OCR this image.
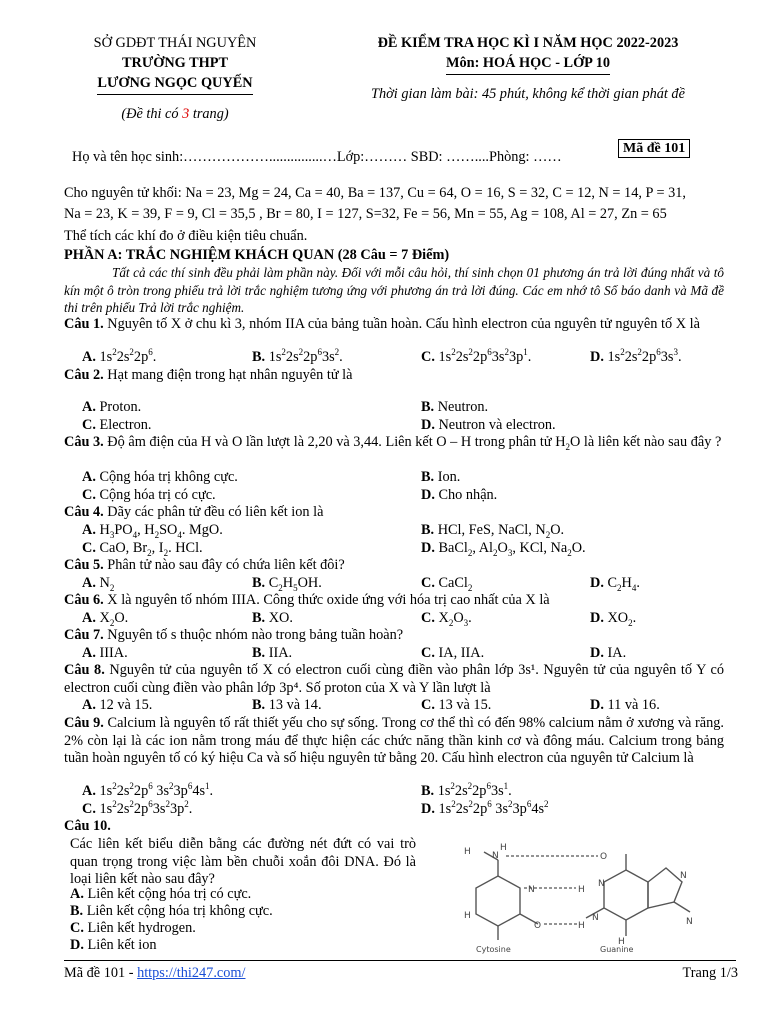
SỞ GDĐT THÁI NGUYÊN
TRƯỜNG THPT
LƯƠNG NGỌC QUYẾN
(Đề thi có 3 trang)
ĐỀ KIỂM TRA HỌC KÌ I NĂM HỌC 2022-2023
Môn: HOÁ HỌC - LỚP 10
Thời gian làm bài: 45 phút, không kể thời gian phát đề
Mã đề 101
Họ và tên học sinh:………………...............…Lớp:……… SBD: ……....Phòng: ……
Cho nguyên tử khối: Na = 23, Mg = 24, Ca = 40, Ba = 137, Cu = 64, O = 16, S = 32, C = 12, N = 14, P = 31,
Na = 23, K = 39, F = 9, Cl = 35,5 , Br = 80, I = 127, S=32, Fe = 56, Mn = 55, Ag = 108, Al = 27, Zn = 65
Thể tích các khí đo ở điều kiện tiêu chuẩn.
PHẦN A: TRẮC NGHIỆM KHÁCH QUAN (28 Câu = 7 Điểm)
Tất cả các thí sinh đều phải làm phần này. Đối với mỗi câu hỏi, thí sinh chọn 01 phương án trả lời đúng nhất và tô kín một ô tròn trong phiếu trả lời trắc nghiệm tương ứng với phương án trả lời đúng. Các em nhớ tô Số báo danh và Mã đề thi trên phiếu Trả lời trắc nghiệm.
Câu 1. Nguyên tố X ở chu kì 3, nhóm IIA của bảng tuần hoàn. Cấu hình electron của nguyên tử nguyên tố X là
A. $1s^22s^22p^6$.	B. $1s^22s^22p^63s^2$.	C. $1s^22s^22p^63s^23p^1$.	D. $1s^22s^22p^63s^3$.
Câu 2. Hạt mang điện trong hạt nhân nguyên tử là
A. Proton.	B. Neutron.
C. Electron.	D. Neutron và electron.
Câu 3. Độ âm điện của H và O lần lượt là 2,20 và 3,44. Liên kết O – H trong phân tử $H_2O$ là liên kết nào sau đây ?
A. Cộng hóa trị không cực.	B. Ion.
C. Cộng hóa trị có cực.	D. Cho nhận.
Câu 4. Dãy các phân tử đều có liên kết ion là
A. $H_3PO_4$, $H_2SO_4$. MgO.	B. HCl, FeS, NaCl, $N_2O$.
C. CaO, $Br_2$, $I_2$. HCl.	D. BaCl$_2$, $Al_2O_3$, KCl, $Na_2O$.
Câu 5. Phân tử nào sau đây có chứa liên kết đôi?
A. $N_2$	B. $C_2H_5OH$.	C. CaCl$_2$	D. $C_2H_4$.
Câu 6. X là nguyên tố nhóm IIIA. Công thức oxide ứng với hóa trị cao nhất của X là
A. $X_2O$.	B. XO.	C. $X_2O_3$.	D. $XO_2$.
Câu 7. Nguyên tố s thuộc nhóm nào trong bảng tuần hoàn?
A. IIIA.	B. IIA.	C. IA, IIA.	D. IA.
Câu 8. Nguyên tử của nguyên tố X có electron cuối cùng điền vào phân lớp 3s¹. Nguyên tử của nguyên tố Y có electron cuối cùng điền vào phân lớp 3p⁴. Số proton của X và Y lần lượt là
A. 12 và 15.	B. 13 và 14.	C. 13 và 15.	D. 11 và 16.
Câu 9. Calcium là nguyên tố rất thiết yếu cho sự sống. Trong cơ thể thì có đến 98% calcium nằm ở xương và răng. 2% còn lại là các ion nằm trong máu để thực hiện các chức năng thần kinh cơ và đông máu. Calcium trong bảng tuần hoàn nguyên tố có ký hiệu Ca và số hiệu nguyên tử bằng 20. Cấu hình electron của nguyên tử Calcium là
A. $1s^22s^22p^6$ $3s^23p^64s^1$.	B. $1s^22s^22p^63s^1$.
C. $1s^22s^22p^63s^23p^2$.	D. $1s^22s^22p^6$ $3s^23p^64s^2$
Câu 10.
Các liên kết biểu diễn bằng các đường nét đứt có vai trò quan trọng trong việc làm bền chuỗi xoắn đôi DNA. Đó là loại liên kết nào sau đây?
A. Liên kết cộng hóa trị có cực.
B. Liên kết cộng hóa trị không cực.
C. Liên kết hydrogen.
D. Liên kết ion
H N
H
O
H
N
N
O	H
N
H
N
N
H
Cytosine	Guanine
Mã đề 101 - https://thi247.com/	Trang 1/3
